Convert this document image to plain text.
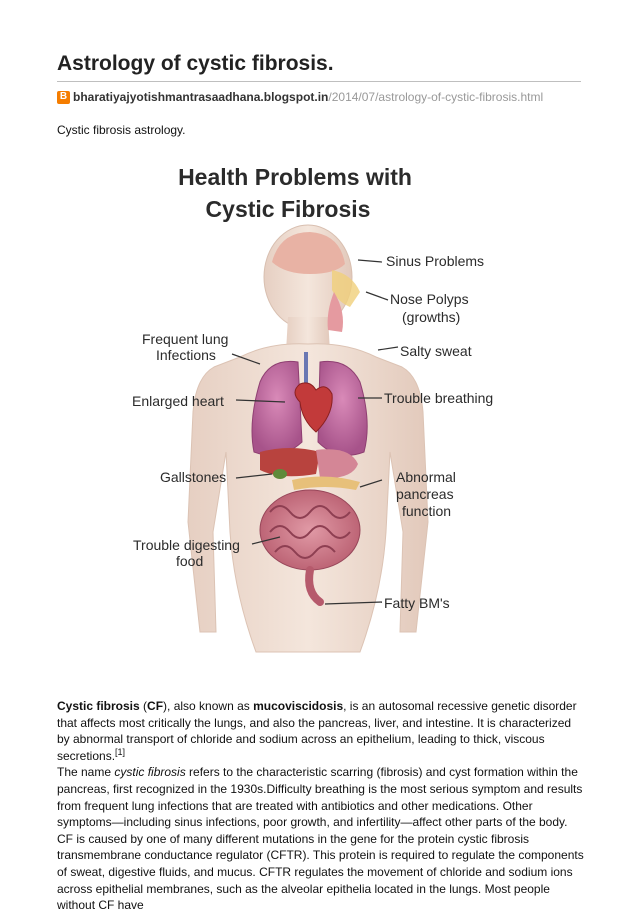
Astrology of cystic fibrosis.
B bharatiyajyotishmantrasaadhana.blogspot.in /2014/07/astrology-of-cystic-fibrosis.html

Cystic fibrosis astrology.

Health Problems with
Cystic Fibrosis
Sinus Problems
Nose Polyps
(growths)
Frequent lung
Infections	Salty sweat
Enlarged heart	Trouble breathing
Gallstones	Abnormal
pancreas
function
Trouble digesting
food
Fatty BM's

Cystic fibrosis (CF), also known as mucoviscidosis, is an autosomal recessive genetic disorder that affects most critically the lungs, and also the pancreas, liver, and intestine. It is characterized by abnormal transport of chloride and sodium across an epithelium, leading to thick, viscous secretions.[1]

The name cystic fibrosis refers to the characteristic scarring (fibrosis) and cyst formation within the pancreas, first recognized in the 1930s.Difficulty breathing is the most serious symptom and results from frequent lung infections that are treated with antibiotics and other medications. Other symptoms—including sinus infections, poor growth, and infertility—affect other parts of the body.

CF is caused by one of many different mutations in the gene for the protein cystic fibrosis transmembrane conductance regulator (CFTR). This protein is required to regulate the components of sweat, digestive fluids, and mucus. CFTR regulates the movement of chloride and sodium ions across epithelial membranes, such as the alveolar epithelia located in the lungs. Most people without CF have
